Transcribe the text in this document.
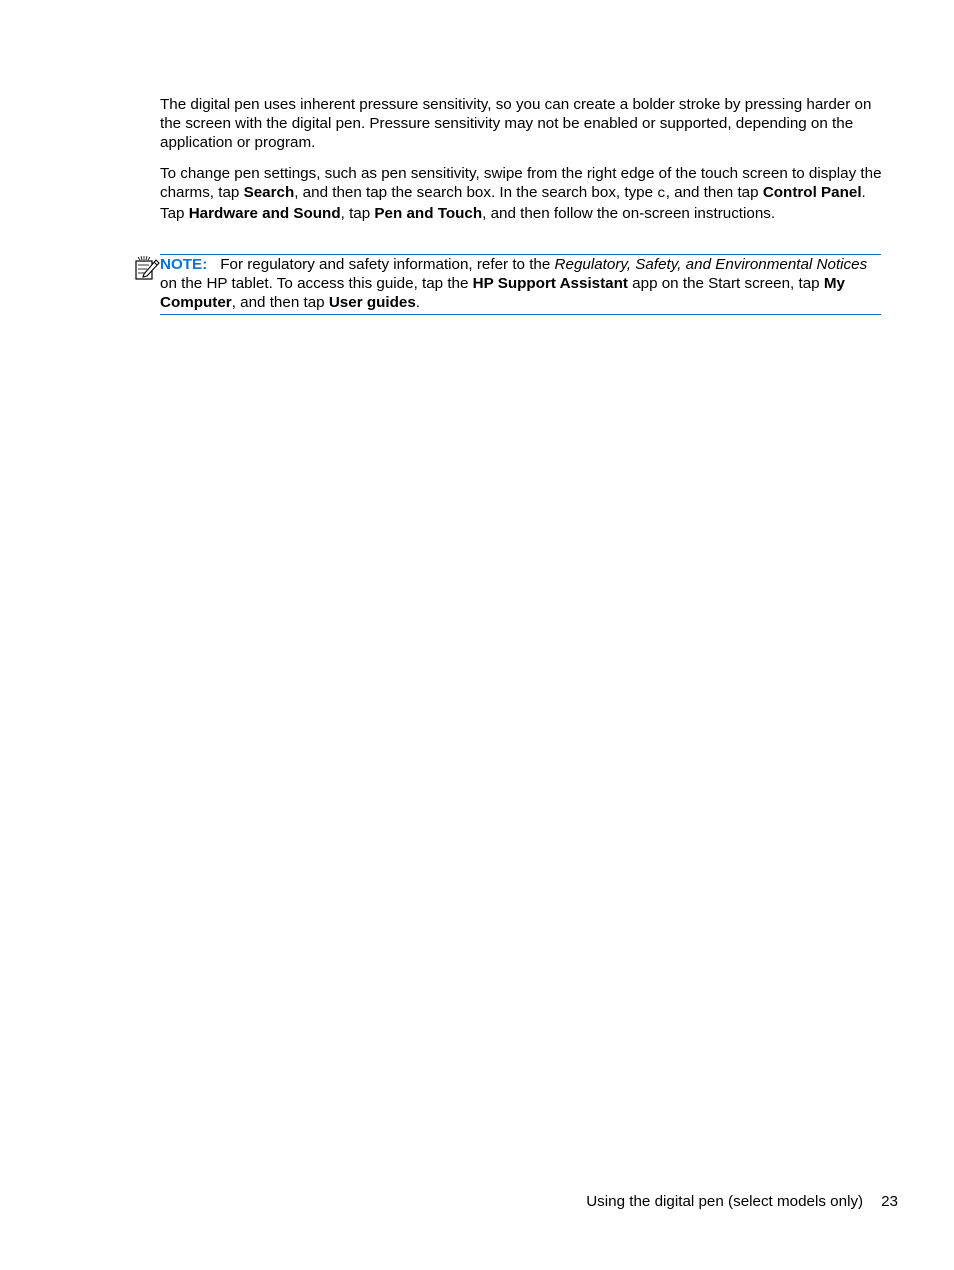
The digital pen uses inherent pressure sensitivity, so you can create a bolder stroke by pressing harder on the screen with the digital pen. Pressure sensitivity may not be enabled or supported, depending on the application or program.

To change pen settings, such as pen sensitivity, swipe from the right edge of the touch screen to display the charms, tap Search, and then tap the search box. In the search box, type c, and then tap Control Panel. Tap Hardware and Sound, tap Pen and Touch, and then follow the on-screen instructions.

NOTE: For regulatory and safety information, refer to the Regulatory, Safety, and Environmental Notices on the HP tablet. To access this guide, tap the HP Support Assistant app on the Start screen, tap My Computer, and then tap User guides.

Using the digital pen (select models only) 23
